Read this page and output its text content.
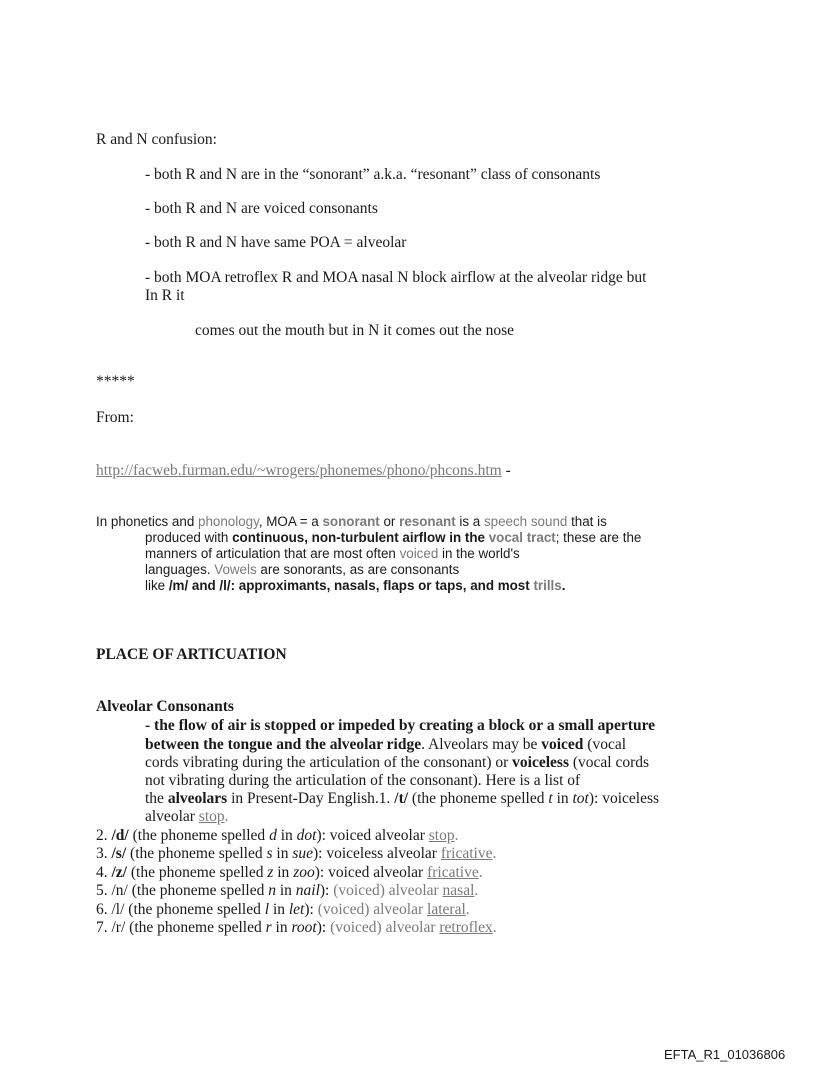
R and N confusion:
- both R and N are in the “sonorant” a.k.a. “resonant” class of consonants
- both R and N are voiced consonants
- both R and N have same POA = alveolar
- both MOA retroflex R and MOA nasal N block airflow at the alveolar ridge but
In R it
comes out the mouth but in N it comes out the nose
*****
From:
http://facweb.furman.edu/~wrogers/phonemes/phono/phcons.htm -
In phonetics and phonology, MOA = a sonorant or resonant is a speech sound that is
produced with continuous, non-turbulent airflow in the vocal tract; these are the
manners of articulation that are most often voiced in the world's
languages. Vowels are sonorants, as are consonants
like /m/ and /l/: approximants, nasals, flaps or taps, and most trills.
PLACE OF ARTICUATION
Alveolar Consonants
- the flow of air is stopped or impeded by creating a block or a small aperture
between the tongue and the alveolar ridge. Alveolars may be voiced (vocal
cords vibrating during the articulation of the consonant) or voiceless (vocal cords
not vibrating during the articulation of the consonant). Here is a list of
the alveolars in Present-Day English.1. /t/ (the phoneme spelled t in tot): voiceless
alveolar stop.
2. /d/ (the phoneme spelled d in dot): voiced alveolar stop.
3. /s/ (the phoneme spelled s in sue): voiceless alveolar fricative.
4. /z/ (the phoneme spelled z in zoo): voiced alveolar fricative.
5. /n/ (the phoneme spelled n in nail): (voiced) alveolar nasal.
6. /l/ (the phoneme spelled l in let): (voiced) alveolar lateral.
7. /r/ (the phoneme spelled r in root): (voiced) alveolar retroflex.
EFTA_R1_01036806
